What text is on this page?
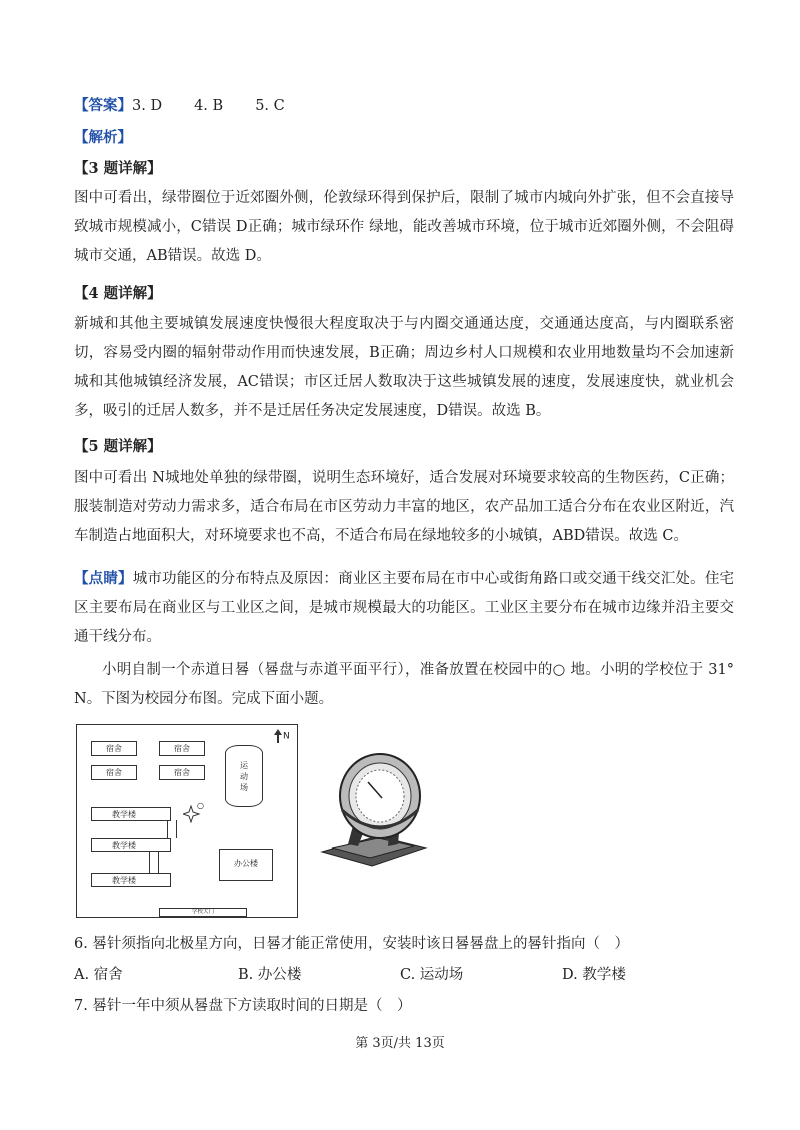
【答案】3. D 4. B 5. C
【解析】
【3 题详解】
图中可看出，绿带圈位于近郊圈外侧，伦敦绿环得到保护后，限制了城市内城向外扩张，但不会直接导致城市规模减小，C错误 D正确；城市绿环作 绿地，能改善城市环境，位于城市近郊圈外侧，不会阻碍城市交通，AB错误。故选 D。
【4 题详解】
新城和其他主要城镇发展速度快慢很大程度取决于与内圈交通通达度，交通通达度高，与内圈联系密切，容易受内圈的辐射带动作用而快速发展，B正确；周边乡村人口规模和农业用地数量均不会加速新城和其他城镇经济发展，AC错误；市区迁居人数取决于这些城镇发展的速度，发展速度快，就业机会多，吸引的迁居人数多，并不是迁居任务决定发展速度，D错误。故选 B。
【5 题详解】
图中可看出 N城地处单独的绿带圈，说明生态环境好，适合发展对环境要求较高的生物医药，C正确；服装制造对劳动力需求多，适合布局在市区劳动力丰富的地区，农产品加工适合分布在农业区附近，汽车制造占地面积大，对环境要求也不高，不适合布局在绿地较多的小城镇，ABD错误。故选 C。
【点睛】城市功能区的分布特点及原因：商业区主要布局在市中心或街角路口或交通干线交汇处。住宅区主要布局在商业区与工业区之间，是城市规模最大的功能区。工业区主要分布在城市边缘并沿主要交通干线分布。
小明自制一个赤道日晷（晷盘与赤道平面平行），准备放置在校园中的○ 地。小明的学校位于 31° N。下图为校园分布图。完成下面小题。
宿舍	宿舍
宿舍	宿舍
运动场
N
教学楼
教学楼
教学楼
○
办公楼
学校大门
6. 晷针须指向北极星方向，日晷才能正常使用，安装时该日晷晷盘上的晷针指向（　）
A. 宿舍	B. 办公楼	C. 运动场	D. 教学楼
7. 晷针一年中须从晷盘下方读取时间的日期是（　）
第 3页/共 13页
